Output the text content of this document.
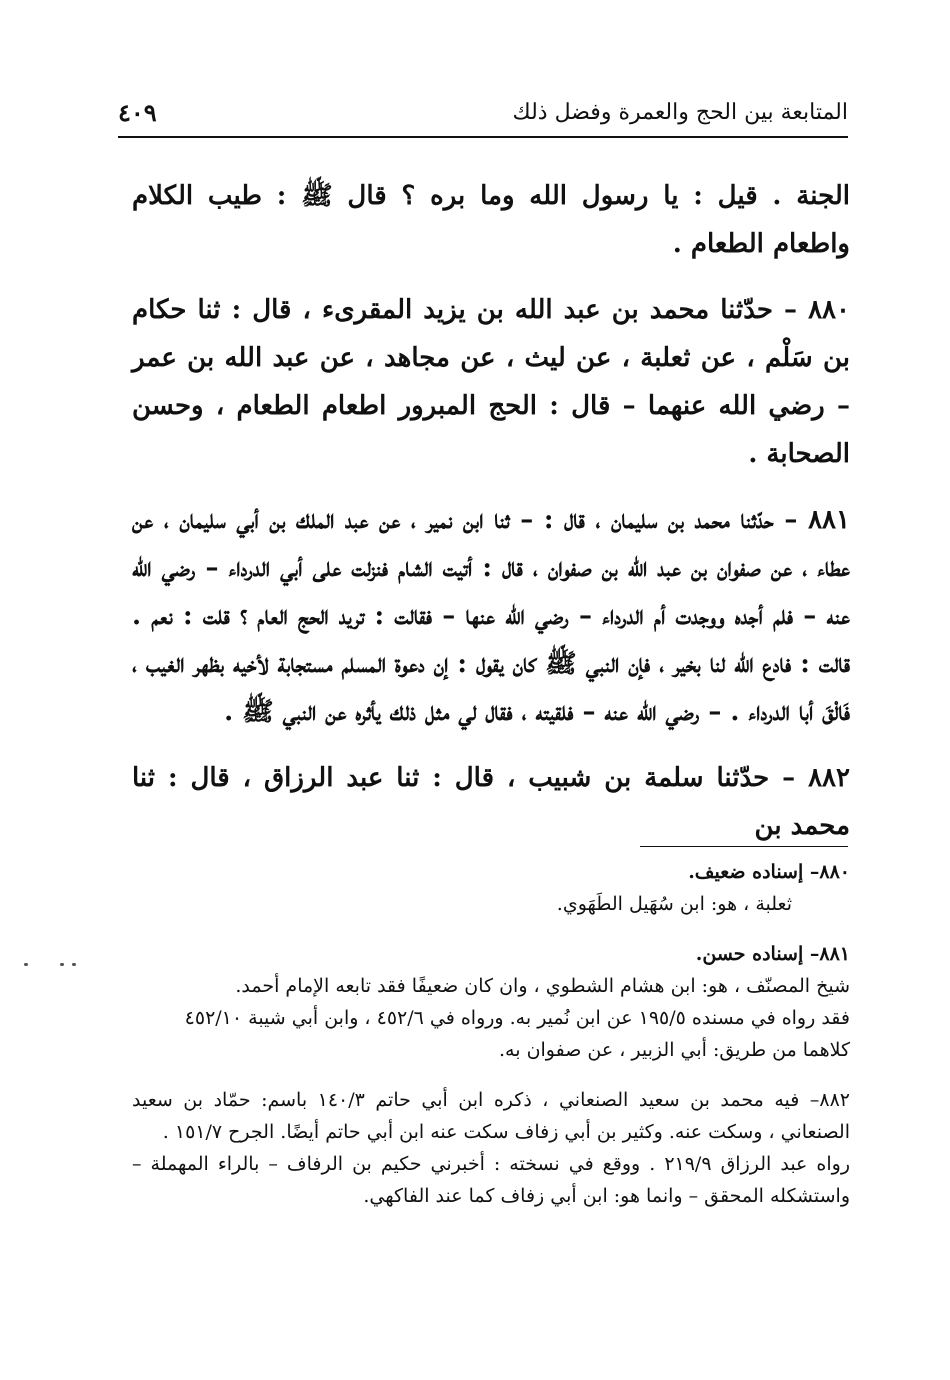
المتابعة بين الحج والعمرة وفضل ذلك
٤٠٩

الجنة . قيل : يا رسول الله وما بره ؟ قال ﷺ : طيب الكلام واطعام الطعام .

٨٨٠ – حدّثنا محمد بن عبد الله بن يزيد المقرىء ، قال : ثنا حكام بن سَلْم ، عن ثعلبة ، عن ليث ، عن مجاهد ، عن عبد الله بن عمر – رضي الله عنهما – قال : الحج المبرور اطعام الطعام ، وحسن الصحابة .

٨٨١ – حدّثنا محمد بن سليمان ، قال : – ثنا ابن نمير ، عن عبد الملك بن أبي سليمان ، عن عطاء ، عن صفوان بن عبد الله بن صفوان ، قال : أتيت الشام فنزلت على أبي الدرداء – رضي الله عنه – فلم أجده ووجدت أم الدرداء – رضي الله عنها – فقالت : تريد الحج العام ؟ قلت : نعم . قالت : فادع الله لنا بخير ، فإن النبي ﷺ كان يقول : إن دعوة المسلم مستجابة لأخيه بظهر الغيب ، فَالْقَ أبا الدرداء . – رضي الله عنه – فلقيته ، فقال لي مثل ذلك يأثره عن النبي ﷺ .

٨٨٢ – حدّثنا سلمة بن شبيب ، قال : ثنا عبد الرزاق ، قال : ثنا محمد بن

٨٨٠– إسناده ضعيف.
ثعلبة ، هو: ابن سُهَيل الطَهَوي.
٨٨١– إسناده حسن.
شيخ المصنّف ، هو: ابن هشام الشطوي ، وان كان ضعيفًا فقد تابعه الإمام أحمد.
فقد رواه في مسنده ١٩٥/٥ عن ابن نُمير به. ورواه في ٤٥٢/٦ ، وابن أبي شيبة ٤٥٢/١٠
كلاهما من طريق: أبي الزبير ، عن صفوان به.
٨٨٢– فيه محمد بن سعيد الصنعاني ، ذكره ابن أبي حاتم ١٤٠/٣ باسم: حمّاد بن سعيد الصنعاني ، وسكت عنه. وكثير بن أبي زفاف سكت عنه ابن أبي حاتم أيضًا. الجرح ١٥١/٧ .
رواه عبد الرزاق ٢١٩/٩ . ووقع في نسخته : أخبرني حكيم بن الرفاف – بالراء المهملة – واستشكله المحقق – وانما هو: ابن أبي زفاف كما عند الفاكهي.
